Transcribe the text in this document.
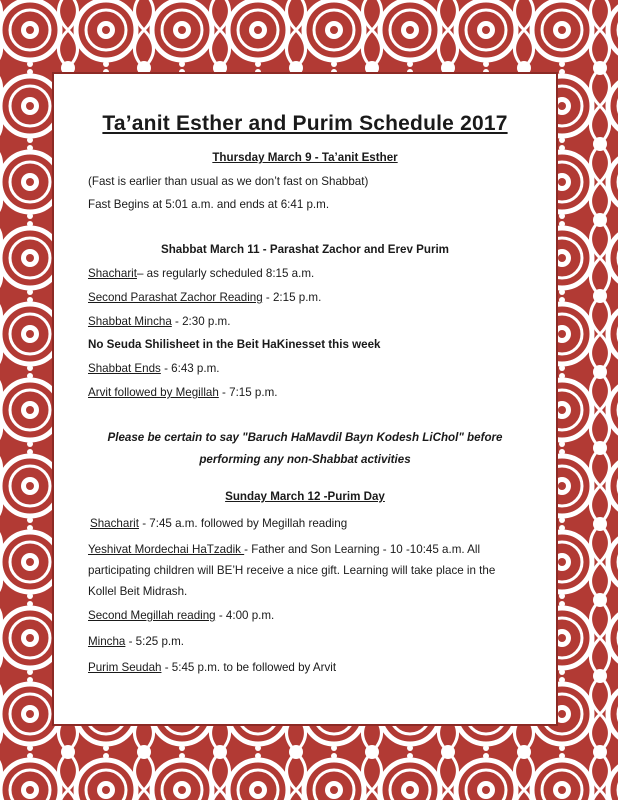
Ta’anit Esther and Purim Schedule 2017
Thursday March 9 - Ta’anit Esther
(Fast is earlier than usual as we don’t fast on Shabbat)
Fast Begins at 5:01 a.m. and ends at 6:41 p.m.
Shabbat March 11 - Parashat Zachor and Erev Purim
Shacharit– as regularly scheduled 8:15 a.m.
Second Parashat Zachor Reading - 2:15 p.m.
Shabbat Mincha - 2:30 p.m.
No Seuda Shilisheet in the Beit HaKinesset this week
Shabbat Ends - 6:43 p.m.
Arvit followed by Megillah - 7:15 p.m.
Please be certain to say "Baruch HaMavdil Bayn Kodesh LiChol" before
performing any non-Shabbat activities
Sunday March 12 -Purim Day
Shacharit - 7:45 a.m. followed by Megillah reading
Yeshivat Mordechai HaTzadik - Father and Son Learning - 10 -10:45 a.m. All participating children will BE’H receive a nice gift. Learning will take place in the Kollel Beit Midrash.
Second Megillah reading - 4:00 p.m.
Mincha - 5:25 p.m.
Purim Seudah - 5:45 p.m. to be followed by Arvit
